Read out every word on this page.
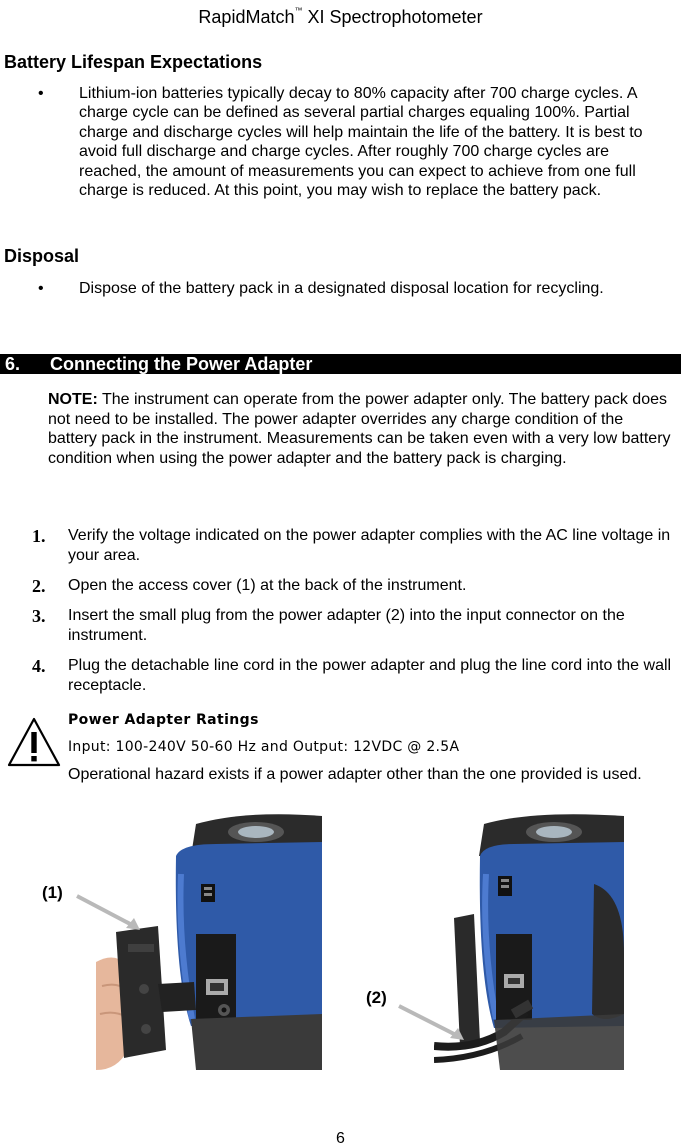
RapidMatch™ XI Spectrophotometer
Battery Lifespan Expectations
• Lithium-ion batteries typically decay to 80% capacity after 700 charge cycles. A charge cycle can be defined as several partial charges equaling 100%. Partial charge and discharge cycles will help maintain the life of the battery. It is best to avoid full discharge and charge cycles. After roughly 700 charge cycles are reached, the amount of measurements you can expect to achieve from one full charge is reduced. At this point, you may wish to replace the battery pack.
Disposal
• Dispose of the battery pack in a designated disposal location for recycling.
6. Connecting the Power Adapter
NOTE: The instrument can operate from the power adapter only. The battery pack does not need to be installed. The power adapter overrides any charge condition of the battery pack in the instrument. Measurements can be taken even with a very low battery condition when using the power adapter and the battery pack is charging.
1. Verify the voltage indicated on the power adapter complies with the AC line voltage in your area.
2. Open the access cover (1) at the back of the instrument.
3. Insert the small plug from the power adapter (2) into the input connector on the instrument.
4. Plug the detachable line cord in the power adapter and plug the line cord into the wall receptacle.
Power Adapter Ratings
Input: 100-240V 50-60 Hz and Output: 12VDC @ 2.5A
Operational hazard exists if a power adapter other than the one provided is used.
(1)
(2)
6
